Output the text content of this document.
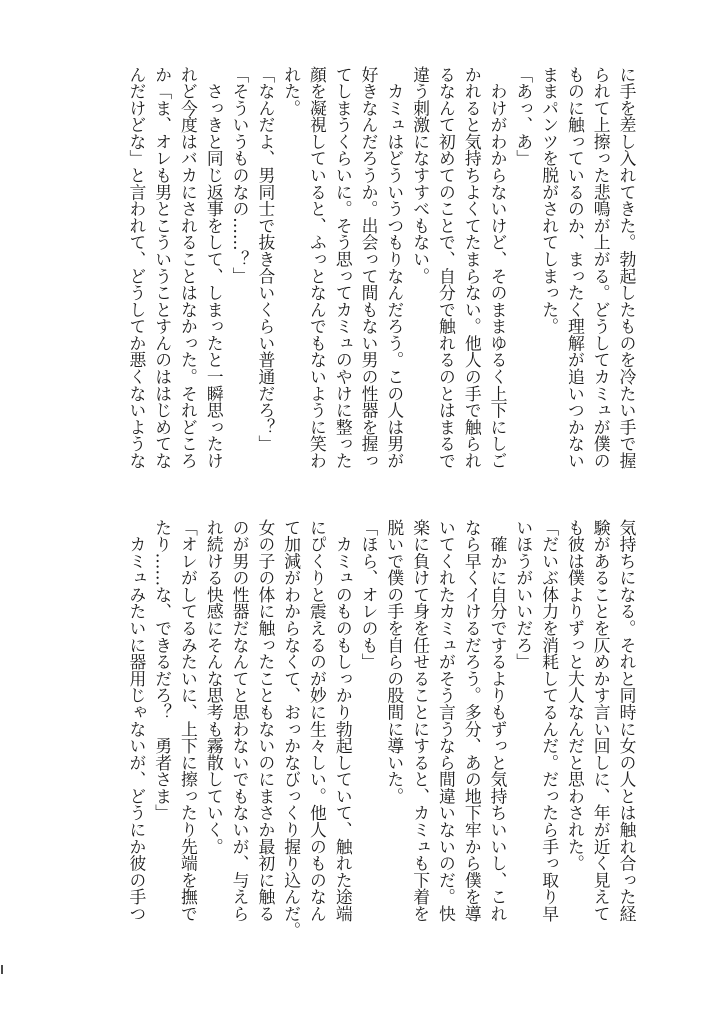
に手を差し入れてきた。勃起したものを冷たい手で握
られて上擦った悲鳴が上がる。どうしてカミュが僕の
ものに触っているのか、まったく理解が追いつかない
ままパンツを脱がされてしまった。
「あっ、あ」
　わけがわからないけど、そのままゆるく上下にしご
かれると気持ちよくてたまらない。他人の手で触られ
るなんて初めてのことで、自分で触れるのとはまるで
違う刺激になすすべもない。
　カミュはどういうつもりなんだろう。この人は男が
好きなんだろうか。出会って間もない男の性器を握っ
てしまうくらいに。そう思ってカミュのやけに整った
顔を凝視していると、ふっとなんでもないように笑わ
れた。
「なんだよ、男同士で抜き合いくらい普通だろ？」
「そういうものなの……？」
　さっきと同じ返事をして、しまったと一瞬思ったけ
れど今度はバカにされることはなかった。それどころ
か「ま、オレも男とこういうことすんのははじめてな
んだけどな」と言われて、どうしてか悪くないような
気持ちになる。それと同時に女の人とは触れ合った経
験があることを仄めかす言い回しに、年が近く見えて
も彼は僕よりずっと大人なんだと思わされた。
「だいぶ体力を消耗してるんだ。だったら手っ取り早
いほうがいいだろ」
　確かに自分でするよりもずっと気持ちいいし、これ
なら早くイけるだろう。多分、あの地下牢から僕を導
いてくれたカミュがそう言うなら間違いないのだ。快
楽に負けて身を任せることにすると、カミュも下着を
脱いで僕の手を自らの股間に導いた。
「ほら、オレのも」
　カミュのものもしっかり勃起していて、触れた途端
にぴくりと震えるのが妙に生々しい。他人のものなん
て加減がわからなくて、おっかなびっくり握り込んだ。
女の子の体に触ったこともないのにまさか最初に触る
のが男の性器だなんてと思わないでもないが、与えら
れ続ける快感にそんな思考も霧散していく。
「オレがしてるみたいに、上下に擦ったり先端を撫で
たり……な、できるだろ？　勇者さま」
　カミュみたいに器用じゃないが、どうにか彼の手つ
